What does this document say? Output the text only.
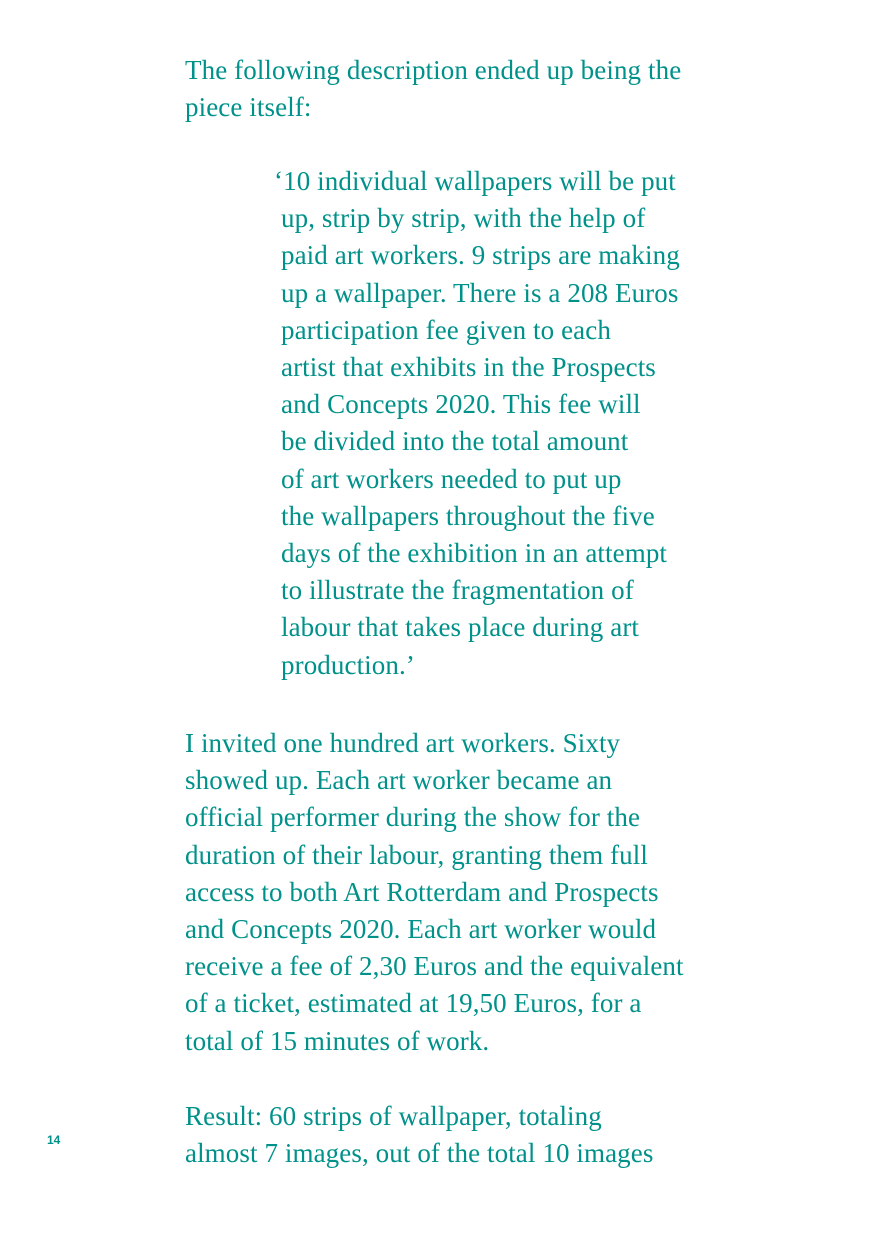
The following description ended up being the
piece itself:

‘10 individual wallpapers will be put
up, strip by strip, with the help of
paid art workers. 9 strips are making
up a wallpaper. There is a 208 Euros
participation fee given to each
artist that exhibits in the Prospects
and Concepts 2020. This fee will
be divided into the total amount
of art workers needed to put up
the wallpapers throughout the five
days of the exhibition in an attempt
to illustrate the fragmentation of
labour that takes place during art
production.’

I invited one hundred art workers. Sixty
showed up. Each art worker became an
official performer during the show for the
duration of their labour, granting them full
access to both Art Rotterdam and Prospects
and Concepts 2020. Each art worker would
receive a fee of 2,30 Euros and the equivalent
of a ticket, estimated at 19,50 Euros, for a
total of 15 minutes of work.

Result: 60 strips of wallpaper, totaling
almost 7 images, out of the total 10 images

14
